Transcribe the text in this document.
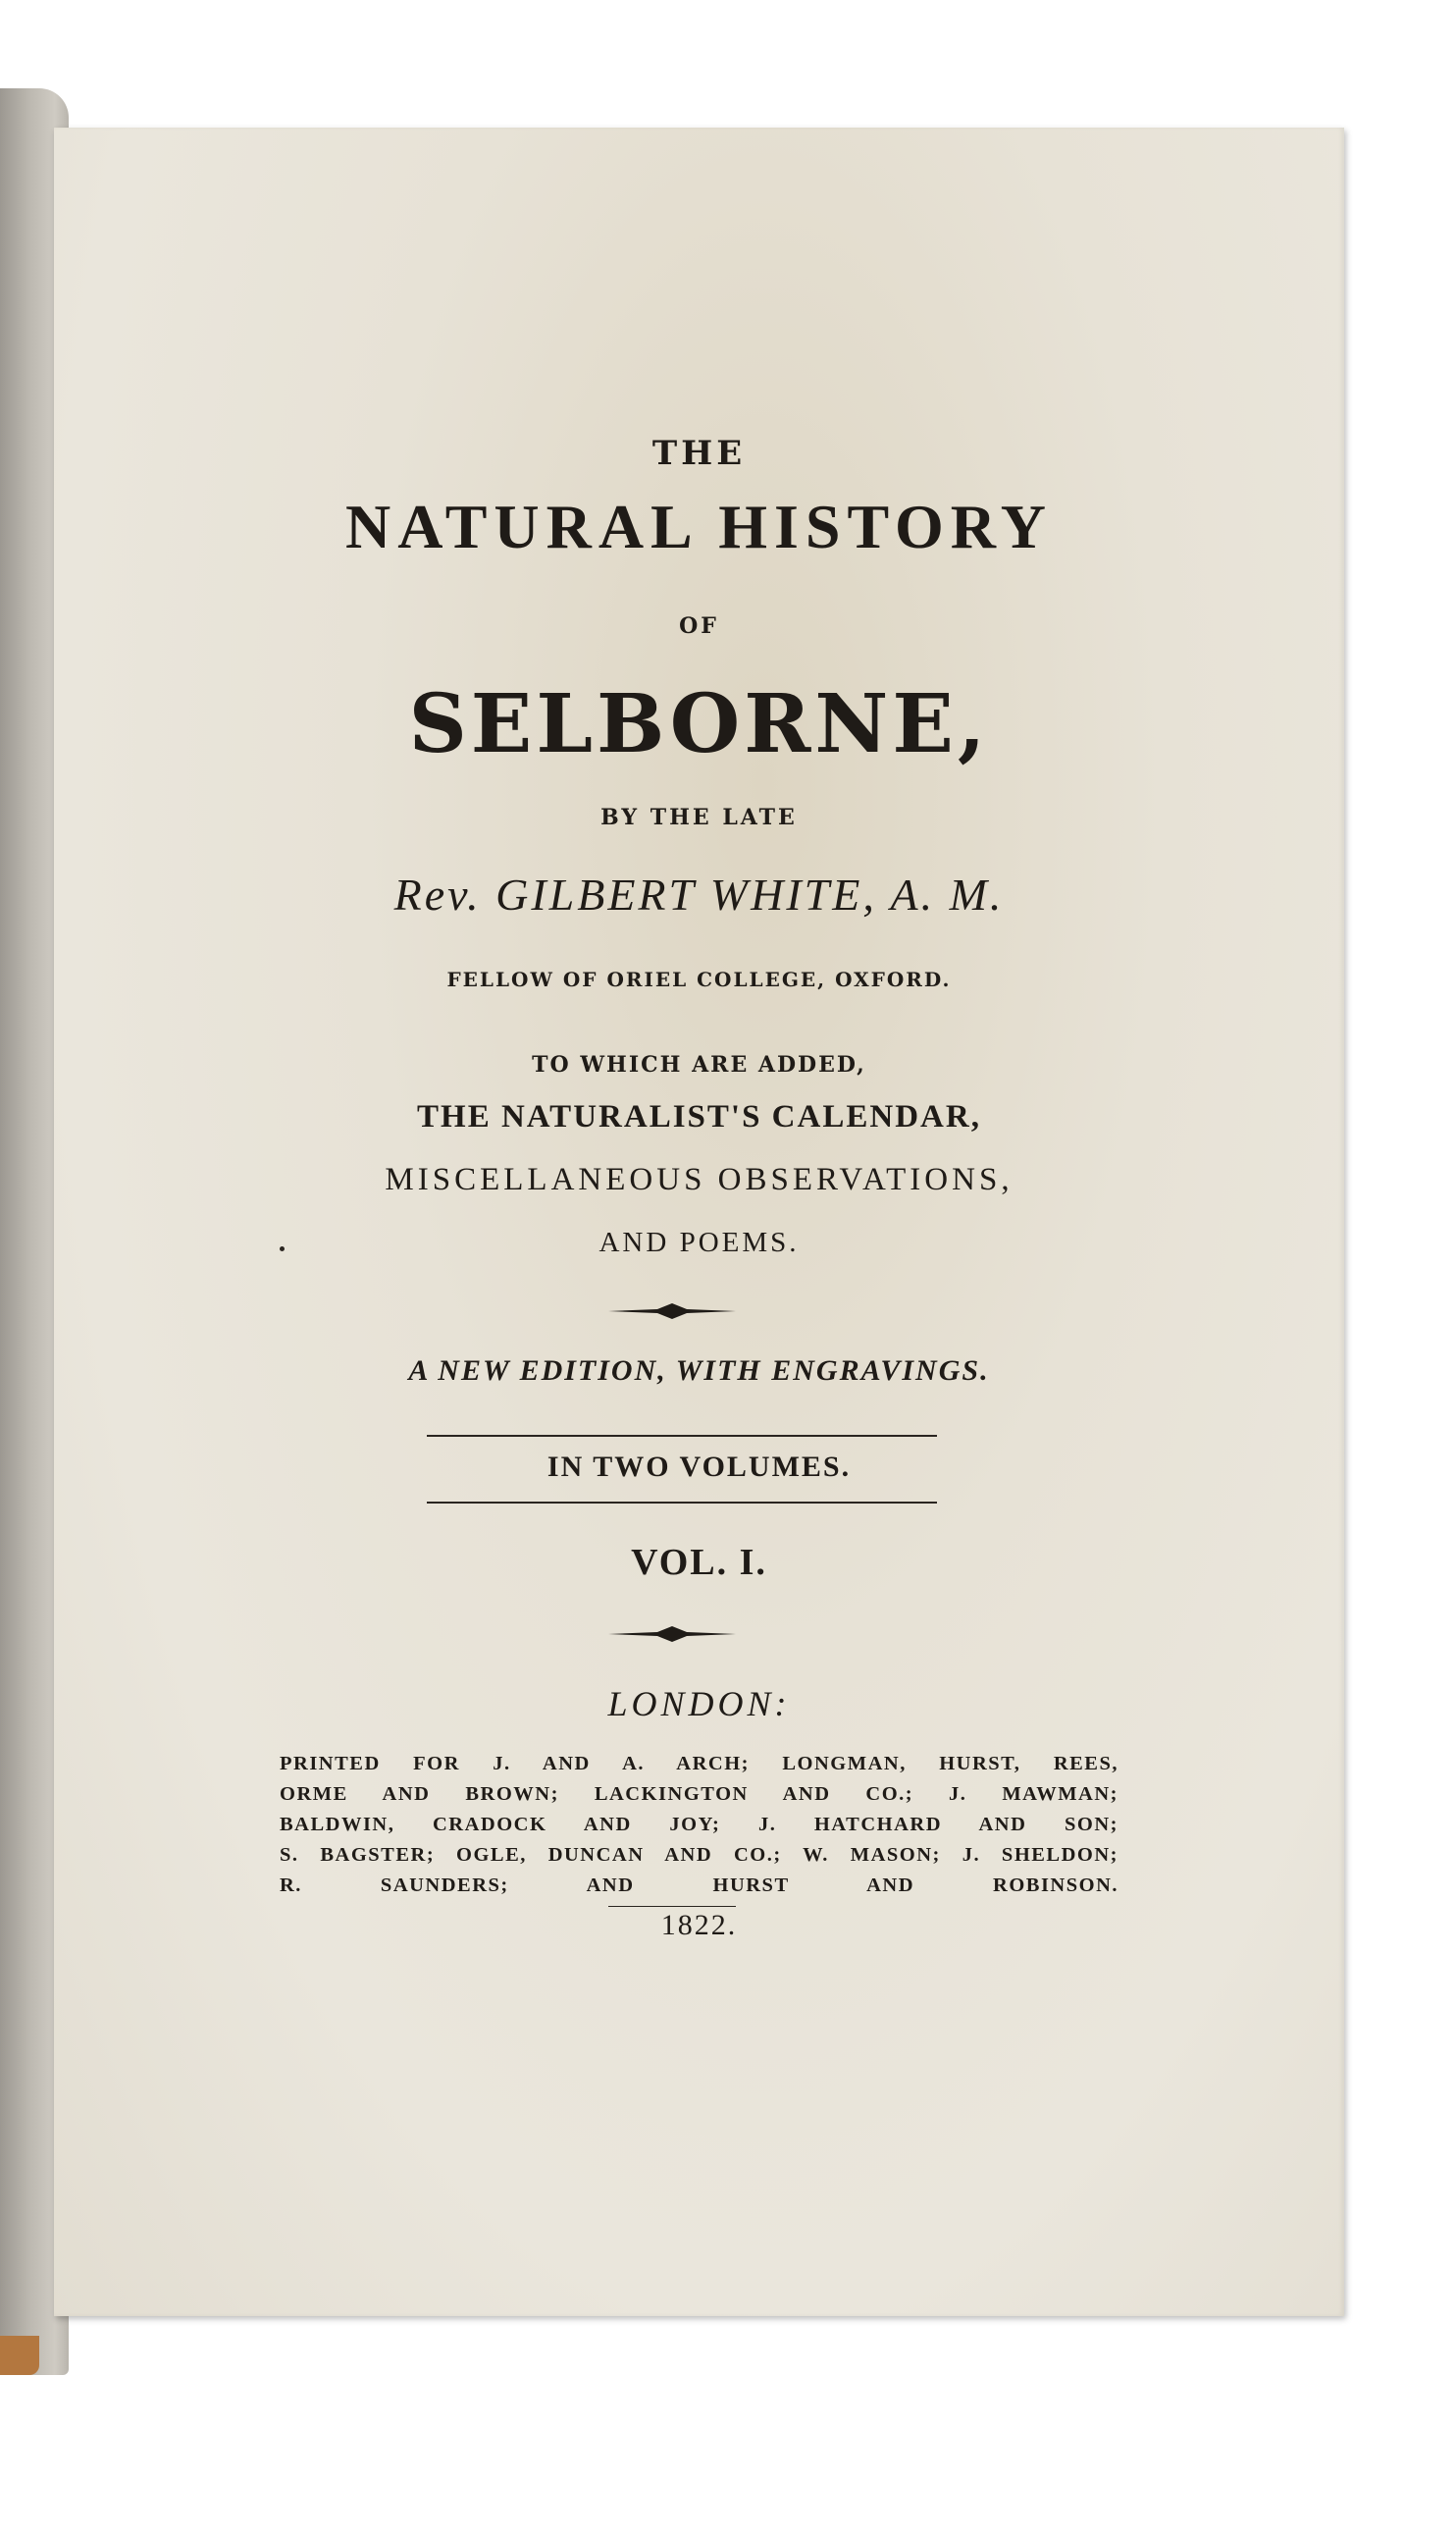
THE
NATURAL HISTORY
OF
SELBORNE,
BY THE LATE
Rev. GILBERT WHITE, A. M.
FELLOW OF ORIEL COLLEGE, OXFORD.
TO WHICH ARE ADDED,
THE NATURALIST'S CALENDAR,
MISCELLANEOUS OBSERVATIONS,
AND POEMS.
A NEW EDITION, WITH ENGRAVINGS.
IN TWO VOLUMES.
VOL. I.
LONDON:
PRINTED FOR J. AND A. ARCH; LONGMAN, HURST, REES,
ORME AND BROWN; LACKINGTON AND CO.; J. MAWMAN;
BALDWIN, CRADOCK AND JOY; J. HATCHARD AND SON;
S. BAGSTER; OGLE, DUNCAN AND CO.; W. MASON; J. SHELDON;
R. SAUNDERS; AND HURST AND ROBINSON.
1822.
